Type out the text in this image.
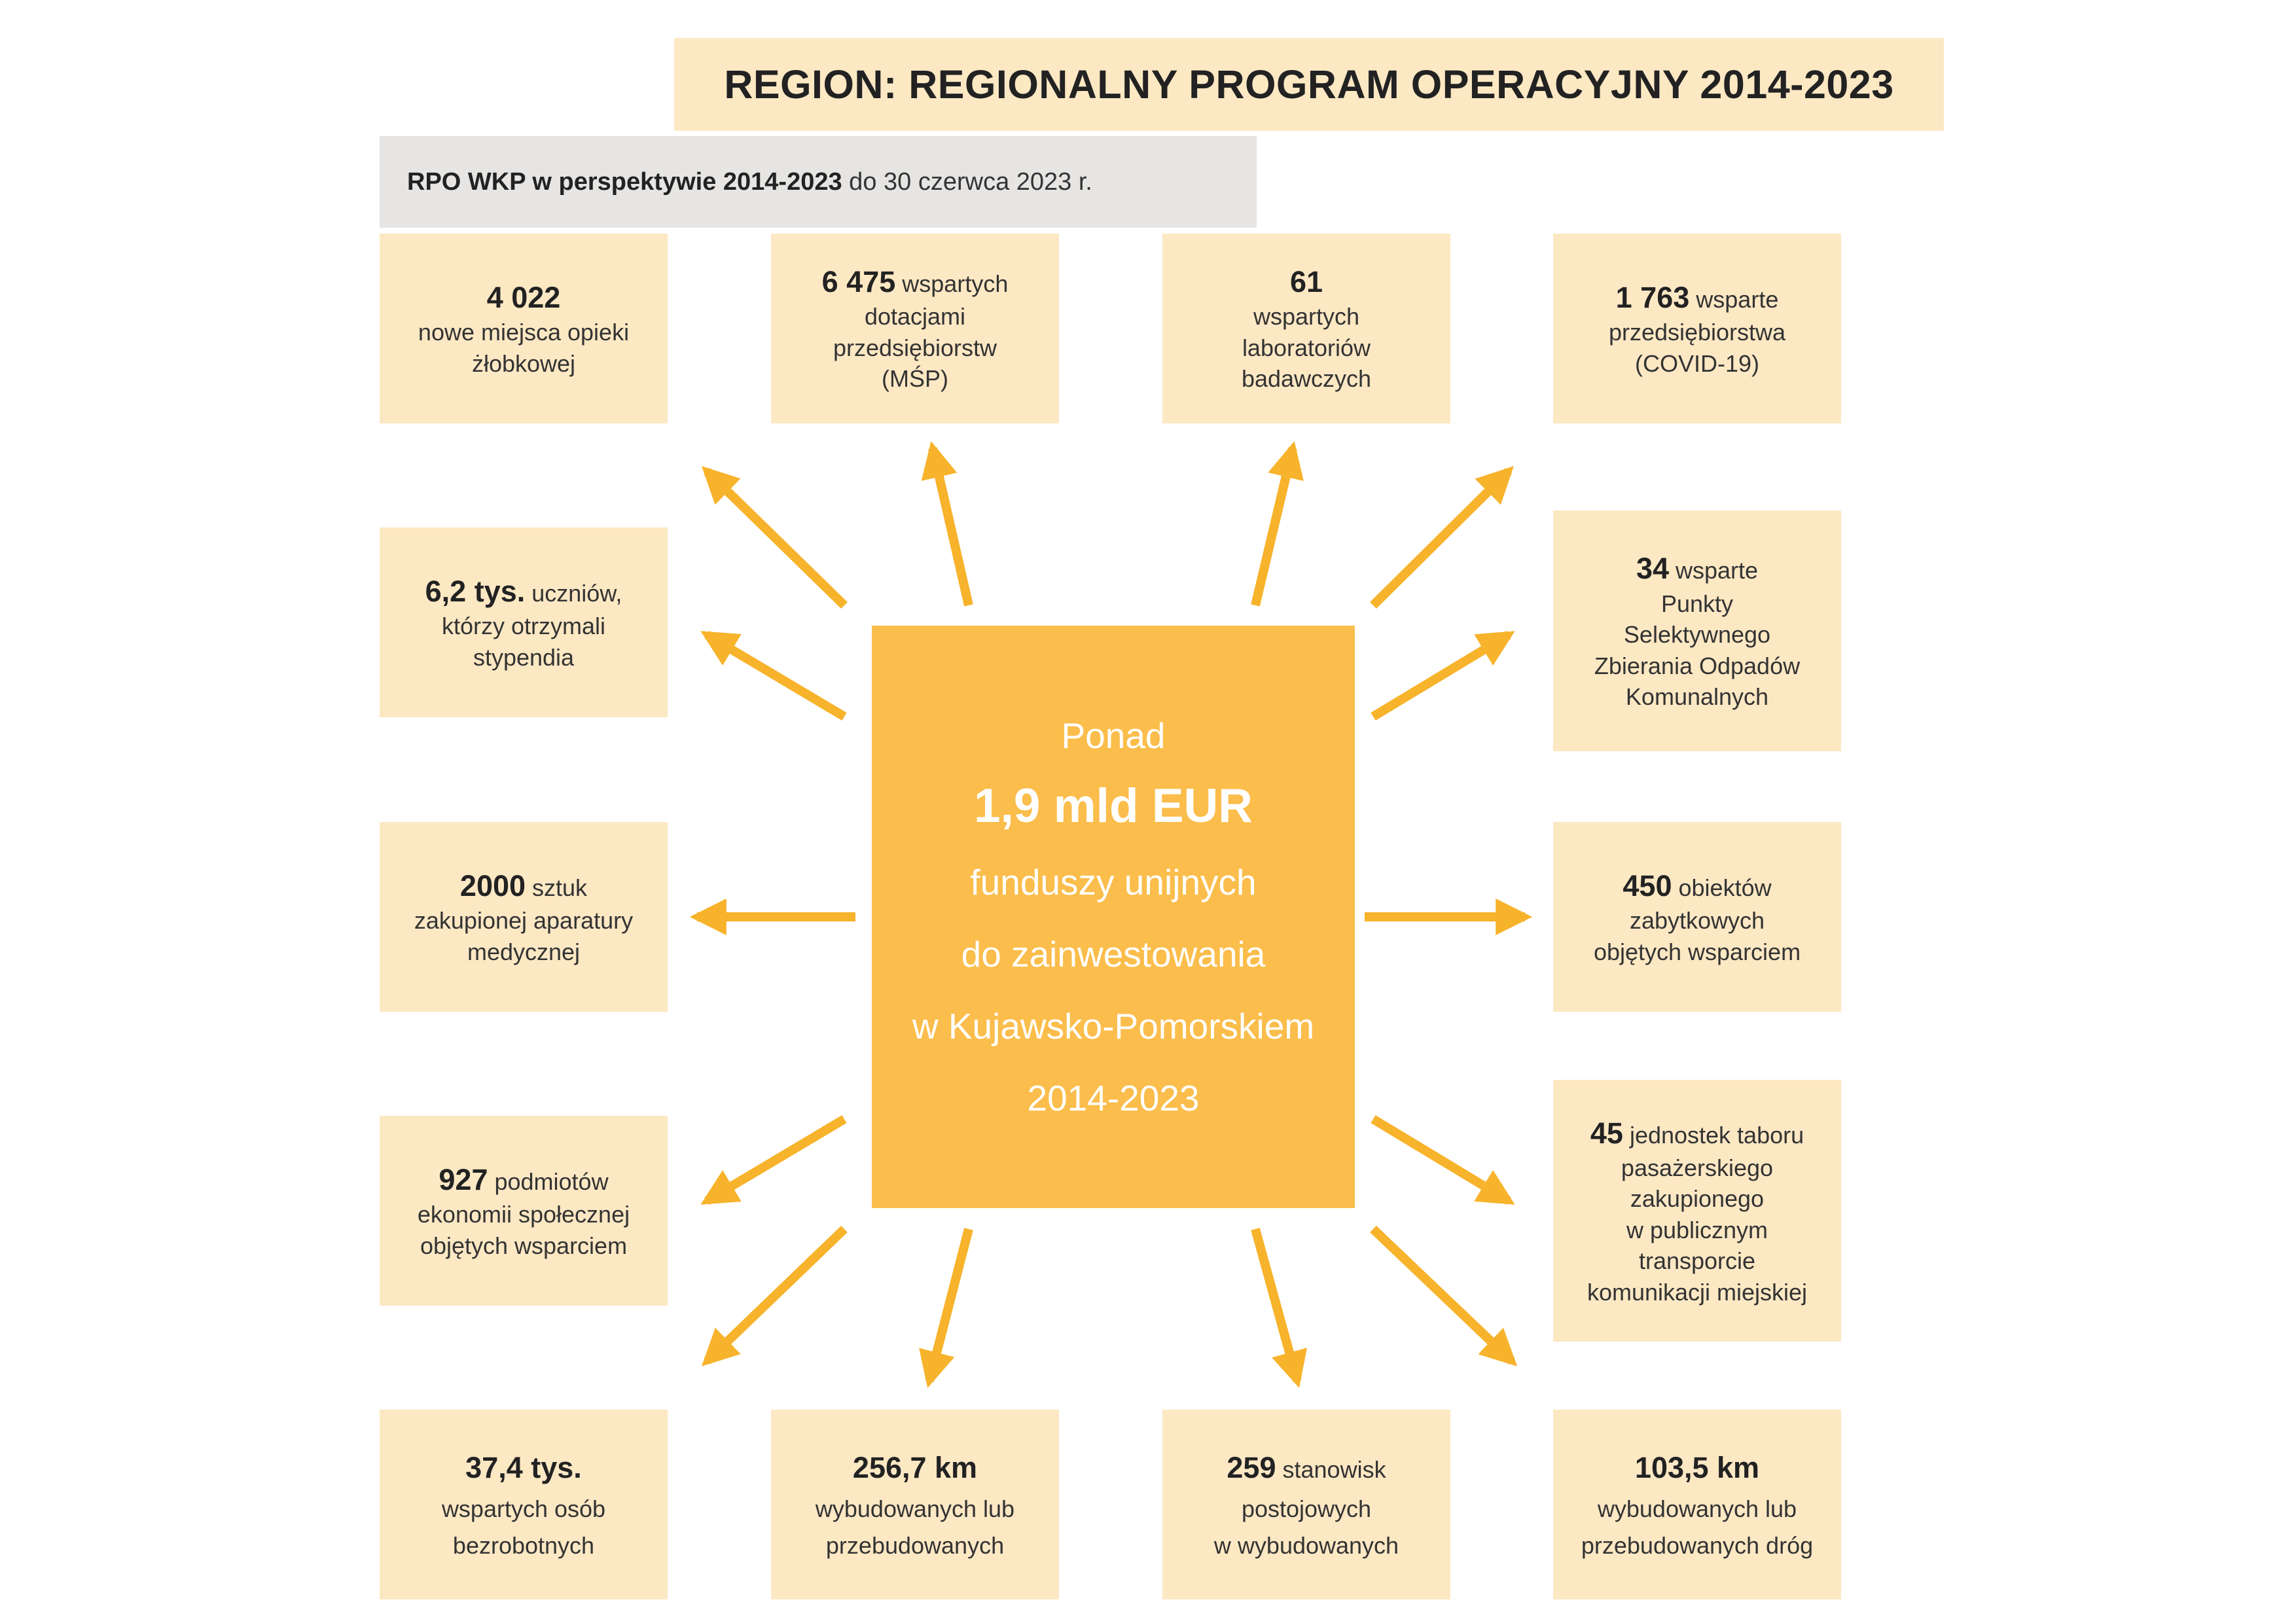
REGION: REGIONALNY PROGRAM OPERACYJNY 2014-2023
RPO WKP w perspektywie 2014-2023 do 30 czerwca 2023 r.
4 022
nowe miejsca opieki
żłobkowej
6 475 wspartych
dotacjami
przedsiębiorstw
(MŚP)
61
wspartych
laboratoriów
badawczych
1 763 wsparte
przedsiębiorstwa
(COVID-19)
6,2 tys. uczniów,
którzy otrzymali
stypendia
34 wsparte
Punkty
Selektywnego
Zbierania Odpadów
Komunalnych
2000 sztuk
zakupionej aparatury
medycznej
450 obiektów
zabytkowych
objętych wsparciem
927 podmiotów
ekonomii społecznej
objętych wsparciem
45 jednostek taboru
pasażerskiego
zakupionego
w publicznym
transporcie
komunikacji miejskiej
37,4 tys.
wspartych osób
bezrobotnych
256,7 km
wybudowanych lub
przebudowanych
259 stanowisk
postojowych
w wybudowanych
103,5 km
wybudowanych lub
przebudowanych dróg
Ponad
1,9 mld EUR
funduszy unijnych
do zainwestowania
w Kujawsko-Pomorskiem
2014-2023
